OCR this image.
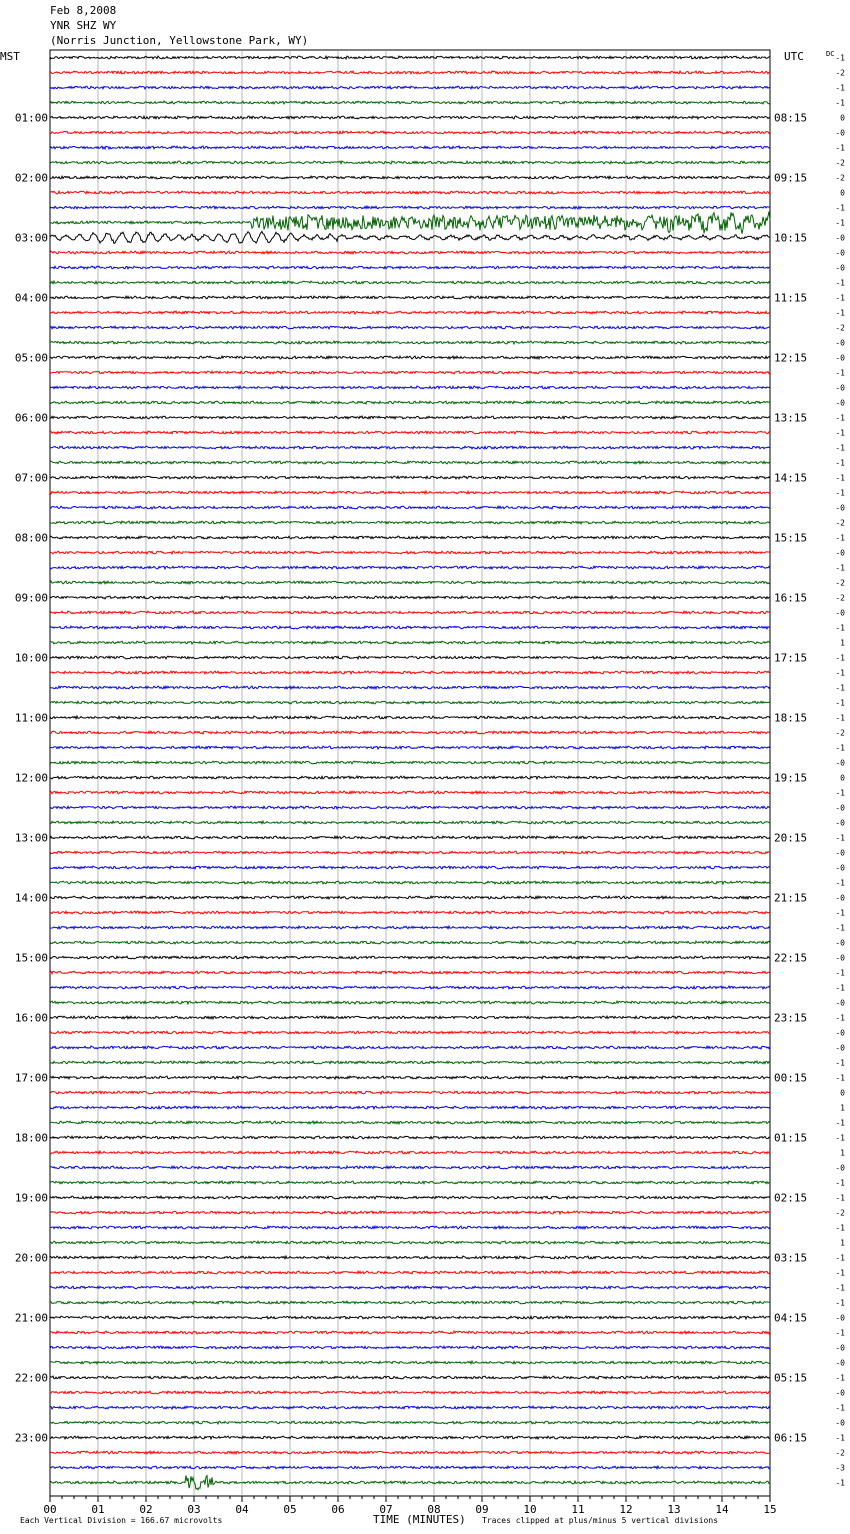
Feb 8,2008
YNR SHZ WY
(Norris Junction, Yellowstone Park, WY)
-1
-2
-1
-1
0
-0
-1
-2
-2
0
-1
-1
-0
-0
-0
-1
-1
-1
-2
-0
-0
-1
-0
-0
-1
-1
-1
-1
-1
-1
-0
-2
-1
-0
-1
-2
-2
-0
-1
1
-1
-1
-1
-1
-1
-2
-1
-0
0
-1
-0
-0
-1
-0
-0
-1
-0
-1
-1
-0
-0
-1
-1
-0
-1
-0
-0
-1
-1
0
1
-1
-1
1
-0
-1
-1
-2
-1
1
-1
-1
-1
-1
-0
-1
-0
-0
-1
-0
-1
-0
-1
-2
-3
-1
01:00
02:00
03:00
04:00
05:00
06:00
07:00
08:00
09:00
10:00
11:00
12:00
13:00
14:00
15:00
16:00
17:00
18:00
19:00
20:00
21:00
22:00
23:00
08:15
09:15
10:15
11:15
12:15
13:15
14:15
15:15
16:15
17:15
18:15
19:15
20:15
21:15
22:15
23:15
00:15
01:15
02:15
03:15
04:15
05:15
06:15
MST	UTC	DC
00	01	02	03	04	05	06	07	08	09	10	11	12	13	14	15
Each Vertical Division = 166.67 microvolts	TIME (MINUTES) Traces clipped at plus/minus 5 vertical divisions
